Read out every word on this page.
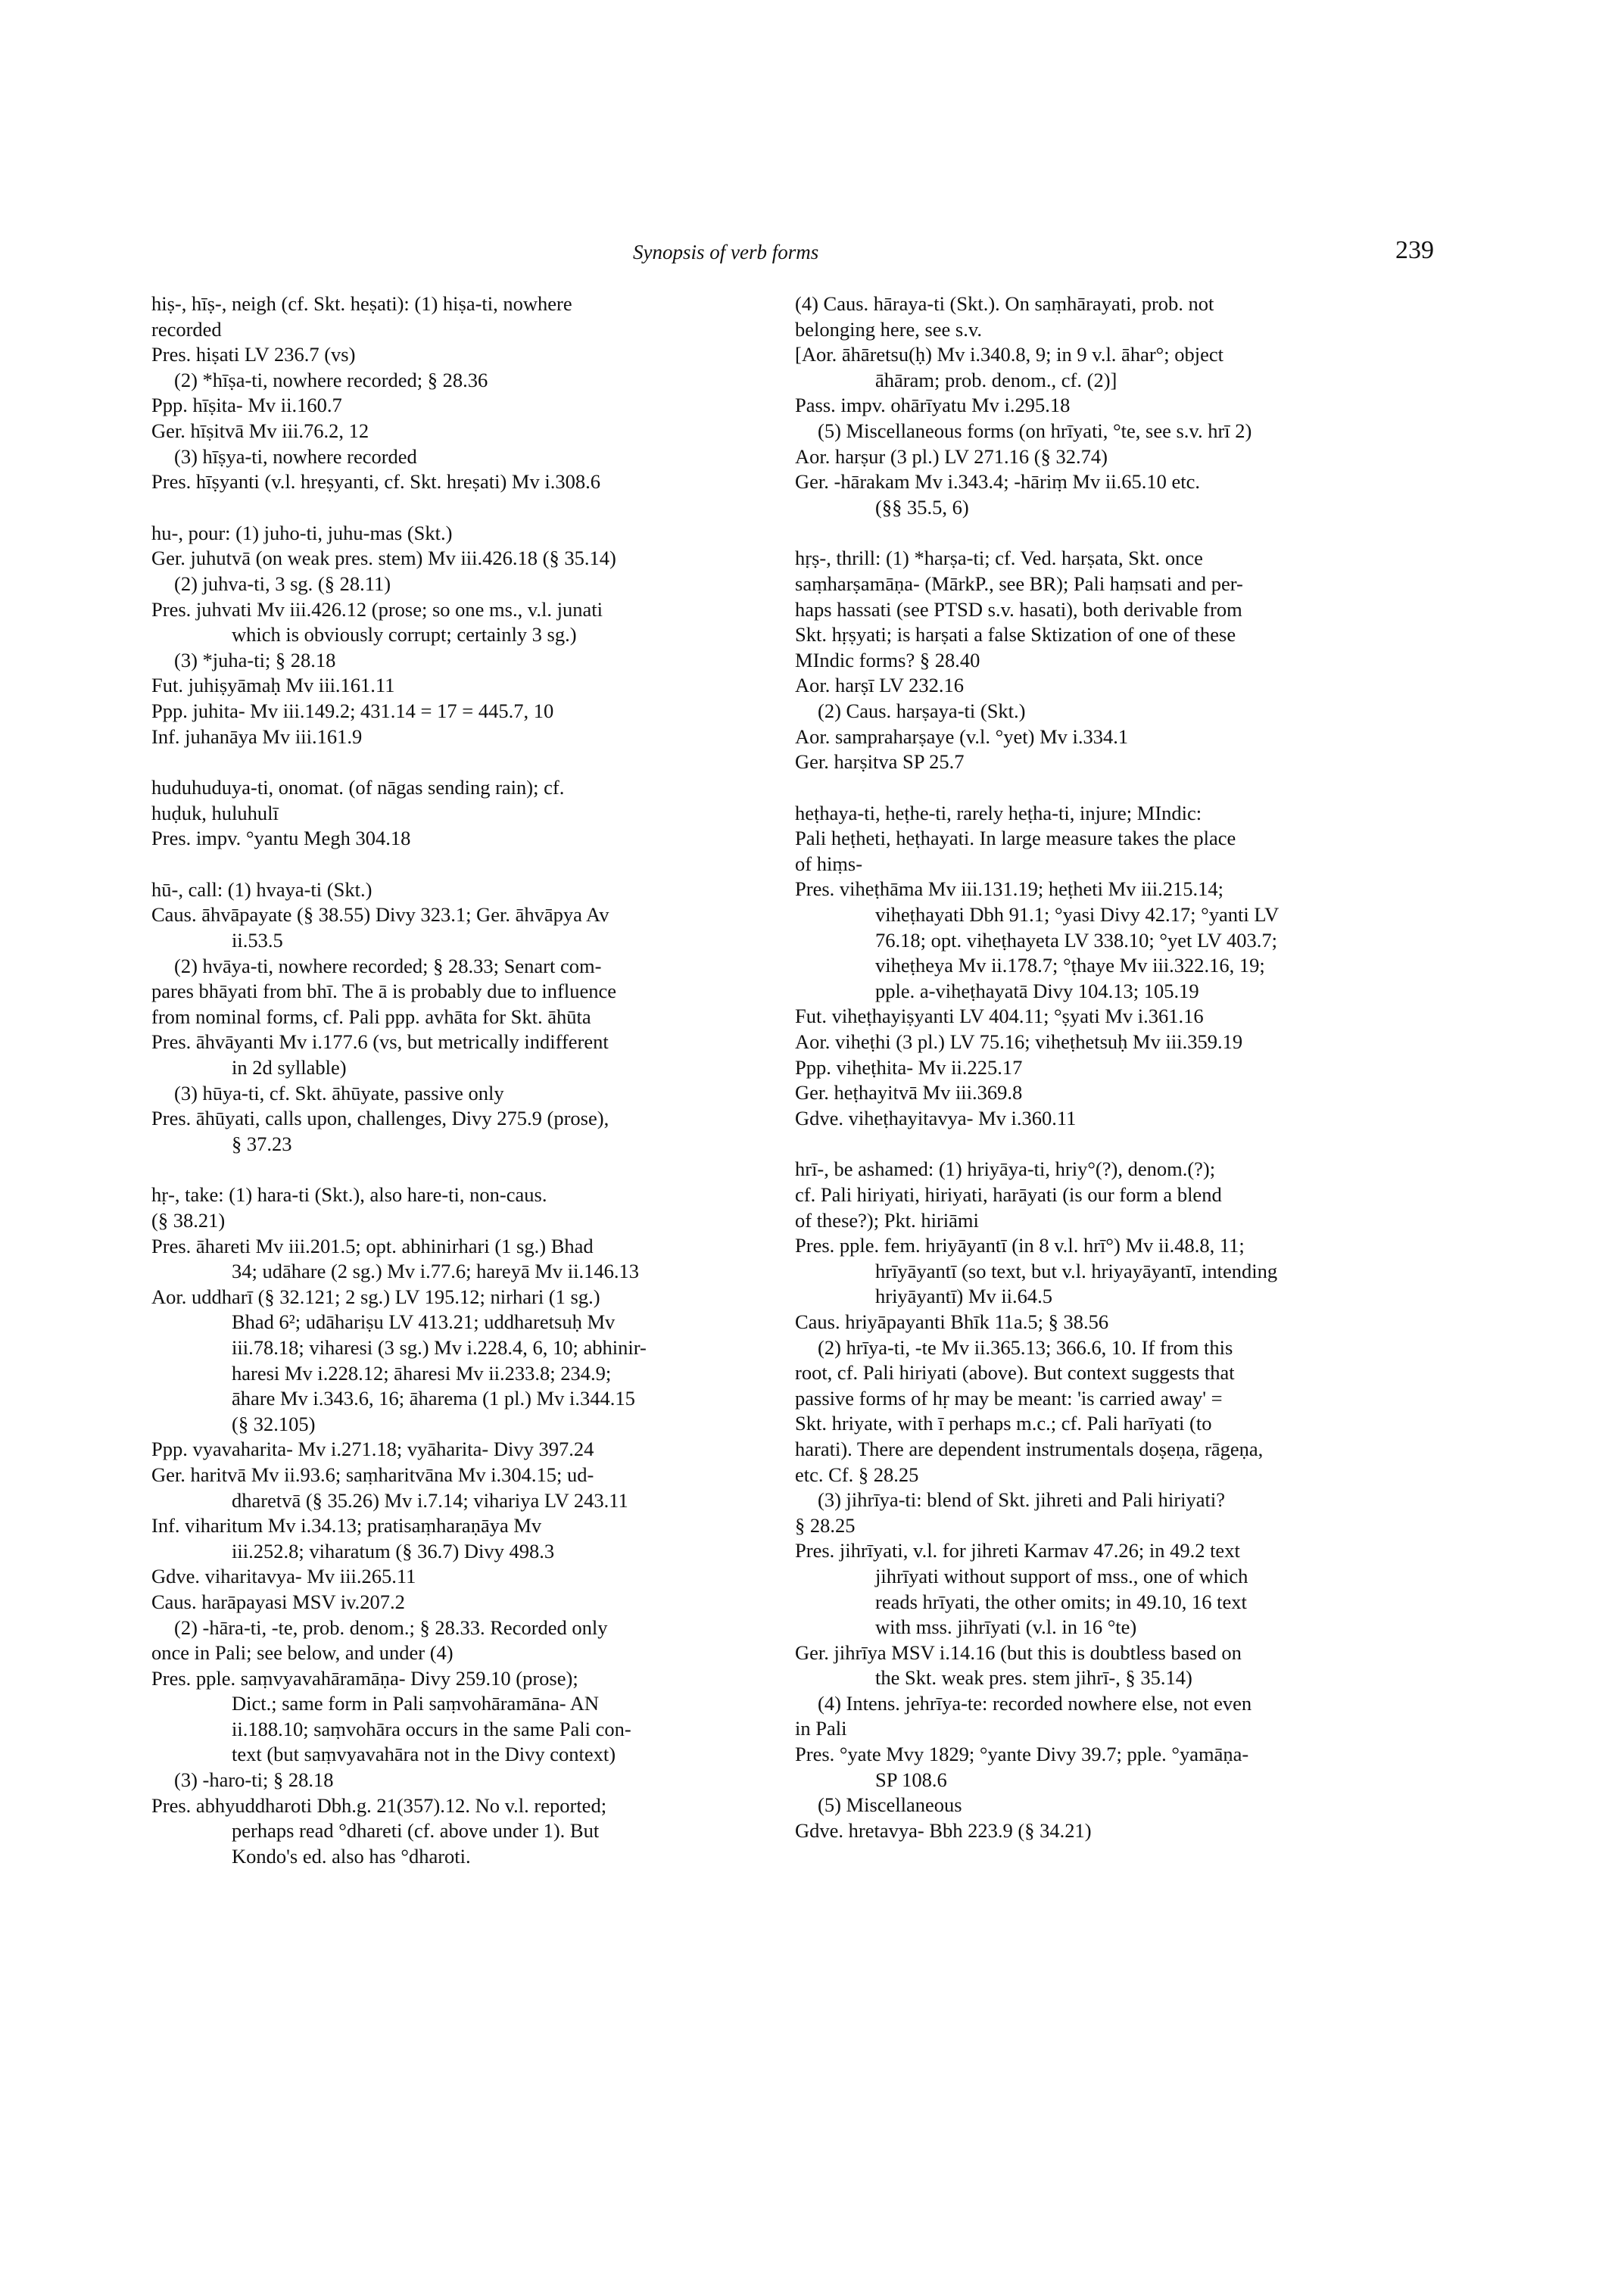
Synopsis of verb forms	239
hiṣ-, hīṣ-, neigh (cf. Skt. heṣati): (1) hiṣa-ti, nowhere
recorded
Pres. hiṣati LV 236.7 (vs)
(2) *hīṣa-ti, nowhere recorded; § 28.36
Ppp. hīṣita- Mv ii.160.7
Ger. hīṣitvā Mv iii.76.2, 12
(3) hīṣya-ti, nowhere recorded
Pres. hīṣyanti (v.l. hreṣyanti, cf. Skt. hreṣati) Mv i.308.6
hu-, pour: (1) juho-ti, juhu-mas (Skt.)
Ger. juhutvā (on weak pres. stem) Mv iii.426.18 (§ 35.14)
(2) juhva-ti, 3 sg. (§ 28.11)
Pres. juhvati Mv iii.426.12 (prose; so one ms., v.l. junati
which is obviously corrupt; certainly 3 sg.)
(3) *juha-ti; § 28.18
Fut. juhiṣyāmaḥ Mv iii.161.11
Ppp. juhita- Mv iii.149.2; 431.14 = 17 = 445.7, 10
Inf. juhanāya Mv iii.161.9
huduhuduya-ti, onomat. (of nāgas sending rain); cf.
huḍuk, huluhulī
Pres. impv. °yantu Megh 304.18
hū-, call: (1) hvaya-ti (Skt.)
Caus. āhvāpayate (§ 38.55) Divy 323.1; Ger. āhvāpya Av
ii.53.5
(2) hvāya-ti, nowhere recorded; § 28.33; Senart com-
pares bhāyati from bhī. The ā is probably due to influence
from nominal forms, cf. Pali ppp. avhāta for Skt. āhūta
Pres. āhvāyanti Mv i.177.6 (vs, but metrically indifferent
in 2d syllable)
(3) hūya-ti, cf. Skt. āhūyate, passive only
Pres. āhūyati, calls upon, challenges, Divy 275.9 (prose),
§ 37.23
hṛ-, take: (1) hara-ti (Skt.), also hare-ti, non-caus.
(§ 38.21)
Pres. āhareti Mv iii.201.5; opt. abhinirhari (1 sg.) Bhad
34; udāhare (2 sg.) Mv i.77.6; hareyā Mv ii.146.13
Aor. uddharī (§ 32.121; 2 sg.) LV 195.12; nirhari (1 sg.)
Bhad 6²; udāhariṣu LV 413.21; uddharetsuḥ Mv
iii.78.18; viharesi (3 sg.) Mv i.228.4, 6, 10; abhinir-
haresi Mv i.228.12; āharesi Mv ii.233.8; 234.9;
āhare Mv i.343.6, 16; āharema (1 pl.) Mv i.344.15
(§ 32.105)
Ppp. vyavaharita- Mv i.271.18; vyāharita- Divy 397.24
Ger. haritvā Mv ii.93.6; saṃharitvāna Mv i.304.15; ud-
dharetvā (§ 35.26) Mv i.7.14; vihariya LV 243.11
Inf. viharitum Mv i.34.13; pratisaṃharaṇāya Mv
iii.252.8; viharatum (§ 36.7) Divy 498.3
Gdve. viharitavya- Mv iii.265.11
Caus. harāpayasi MSV iv.207.2
(2) -hāra-ti, -te, prob. denom.; § 28.33. Recorded only
once in Pali; see below, and under (4)
Pres. pple. saṃvyavahāramāṇa- Divy 259.10 (prose);
Dict.; same form in Pali saṃvohāramāna- AN
ii.188.10; saṃvohāra occurs in the same Pali con-
text (but saṃvyavahāra not in the Divy context)
(3) -haro-ti; § 28.18
Pres. abhyuddharoti Dbh.g. 21(357).12. No v.l. reported;
perhaps read °dhareti (cf. above under 1). But
Kondo's ed. also has °dharoti.
(4) Caus. hāraya-ti (Skt.). On saṃhārayati, prob. not
belonging here, see s.v.
[Aor. āhāretsu(ḥ) Mv i.340.8, 9; in 9 v.l. āhar°; object
āhāram; prob. denom., cf. (2)]
Pass. impv. ohārīyatu Mv i.295.18
(5) Miscellaneous forms (on hrīyati, °te, see s.v. hrī 2)
Aor. harṣur (3 pl.) LV 271.16 (§ 32.74)
Ger. -hārakam Mv i.343.4; -hāriṃ Mv ii.65.10 etc.
(§§ 35.5, 6)
hṛṣ-, thrill: (1) *harṣa-ti; cf. Ved. harṣata, Skt. once
saṃharṣamāṇa- (MārkP., see BR); Pali haṃsati and per-
haps hassati (see PTSD s.v. hasati), both derivable from
Skt. hṛṣyati; is harṣati a false Sktization of one of these
MIndic forms? § 28.40
Aor. harṣī LV 232.16
(2) Caus. harṣaya-ti (Skt.)
Aor. sampraharṣaye (v.l. °yet) Mv i.334.1
Ger. harṣitva SP 25.7
heṭhaya-ti, heṭhe-ti, rarely heṭha-ti, injure; MIndic:
Pali heṭheti, heṭhayati. In large measure takes the place
of hiṃs-
Pres. viheṭhāma Mv iii.131.19; heṭheti Mv iii.215.14;
viheṭhayati Dbh 91.1; °yasi Divy 42.17; °yanti LV
76.18; opt. viheṭhayeta LV 338.10; °yet LV 403.7;
viheṭheya Mv ii.178.7; °ṭhaye Mv iii.322.16, 19;
pple. a-viheṭhayatā Divy 104.13; 105.19
Fut. viheṭhayiṣyanti LV 404.11; °ṣyati Mv i.361.16
Aor. viheṭhi (3 pl.) LV 75.16; viheṭhetsuḥ Mv iii.359.19
Ppp. viheṭhita- Mv ii.225.17
Ger. heṭhayitvā Mv iii.369.8
Gdve. viheṭhayitavya- Mv i.360.11
hrī-, be ashamed: (1) hriyāya-ti, hriy°(?), denom.(?);
cf. Pali hiriyati, hiriyati, harāyati (is our form a blend
of these?); Pkt. hiriāmi
Pres. pple. fem. hriyāyantī (in 8 v.l. hrī°) Mv ii.48.8, 11;
hrīyāyantī (so text, but v.l. hriyayāyantī, intending
hriyāyantī) Mv ii.64.5
Caus. hriyāpayanti Bhīk 11a.5; § 38.56
(2) hrīya-ti, -te Mv ii.365.13; 366.6, 10. If from this
root, cf. Pali hiriyati (above). But context suggests that
passive forms of hṛ may be meant: 'is carried away' =
Skt. hriyate, with ī perhaps m.c.; cf. Pali harīyati (to
harati). There are dependent instrumentals doṣeṇa, rāgeṇa,
etc. Cf. § 28.25
(3) jihrīya-ti: blend of Skt. jihreti and Pali hiriyati?
§ 28.25
Pres. jihrīyati, v.l. for jihreti Karmav 47.26; in 49.2 text
jihrīyati without support of mss., one of which
reads hrīyati, the other omits; in 49.10, 16 text
with mss. jihrīyati (v.l. in 16 °te)
Ger. jihrīya MSV i.14.16 (but this is doubtless based on
the Skt. weak pres. stem jihrī-, § 35.14)
(4) Intens. jehrīya-te: recorded nowhere else, not even
in Pali
Pres. °yate Mvy 1829; °yante Divy 39.7; pple. °yamāṇa-
SP 108.6
(5) Miscellaneous
Gdve. hretavya- Bbh 223.9 (§ 34.21)
